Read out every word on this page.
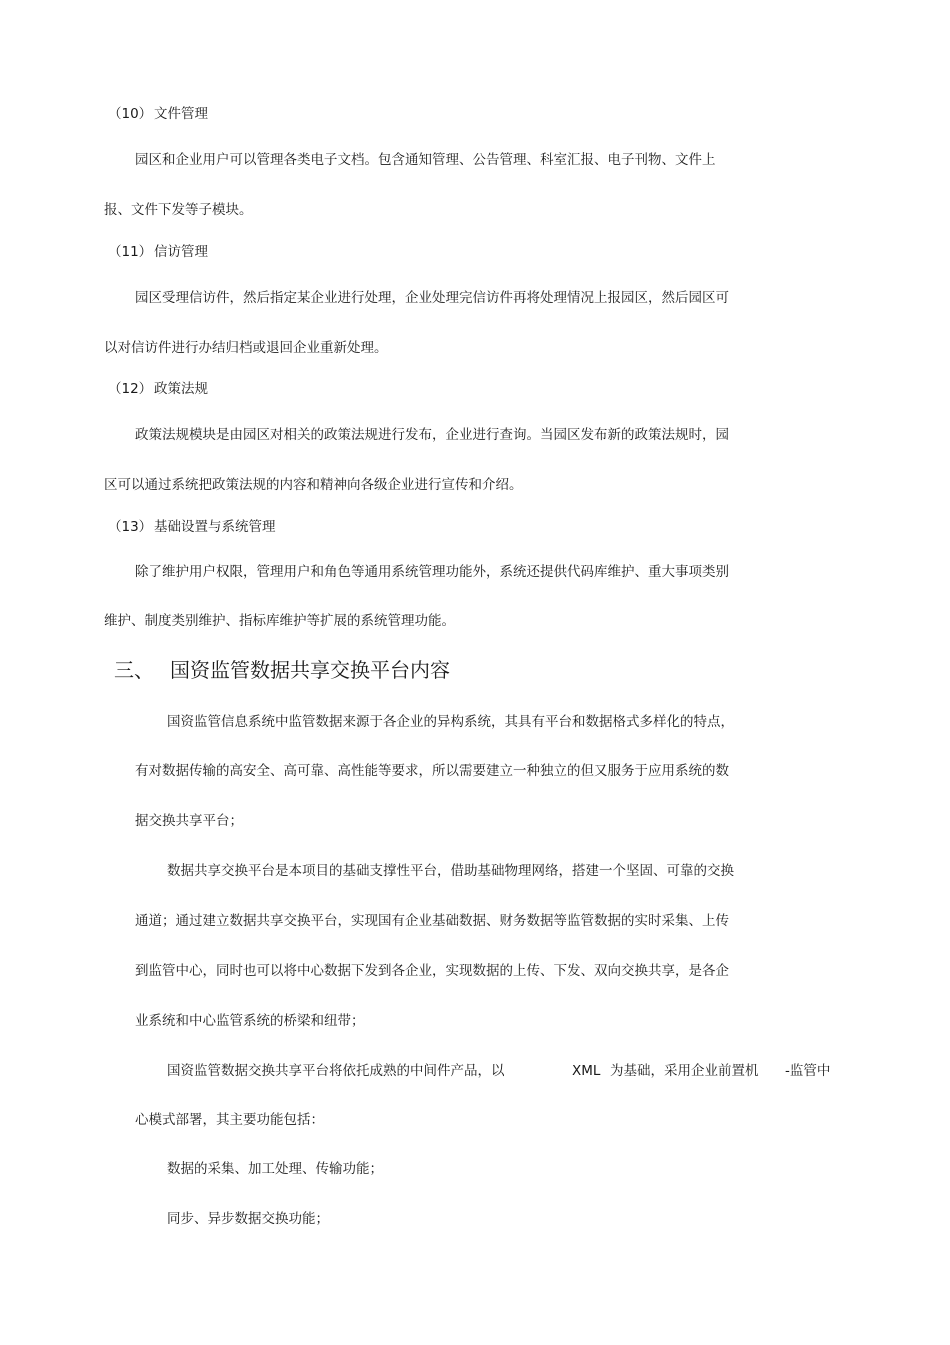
（10） 文件管理
园区和企业用户可以管理各类电子文档。包含通知管理、公告管理、科室汇报、电子刊物、文件上
报、文件下发等子模块。
（11） 信访管理
园区受理信访件，然后指定某企业进行处理，企业处理完信访件再将处理情况上报园区，然后园区可
以对信访件进行办结归档或退回企业重新处理。
（12） 政策法规
政策法规模块是由园区对相关的政策法规进行发布，企业进行查询。当园区发布新的政策法规时，园
区可以通过系统把政策法规的内容和精神向各级企业进行宣传和介绍。
（13） 基础设置与系统管理
除了维护用户权限，管理用户和角色等通用系统管理功能外，系统还提供代码库维护、重大事项类别
维护、制度类别维护、指标库维护等扩展的系统管理功能。
三、 国资监管数据共享交换平台内容
国资监管信息系统中监管数据来源于各企业的异构系统，其具有平台和数据格式多样化的特点，
有对数据传输的高安全、高可靠、高性能等要求，所以需要建立一种独立的但又服务于应用系统的数
据交换共享平台；
数据共享交换平台是本项目的基础支撑性平台，借助基础物理网络，搭建一个坚固、可靠的交换
通道；通过建立数据共享交换平台，实现国有企业基础数据、财务数据等监管数据的实时采集、上传
到监管中心，同时也可以将中心数据下发到各企业，实现数据的上传、下发、双向交换共享，是各企
业系统和中心监管系统的桥梁和纽带；
国资监管数据交换共享平台将依托成熟的中间件产品，以	XML 为基础，采用企业前置机 -监管中
心模式部署，其主要功能包括：
数据的采集、加工处理、传输功能；
同步、异步数据交换功能；
